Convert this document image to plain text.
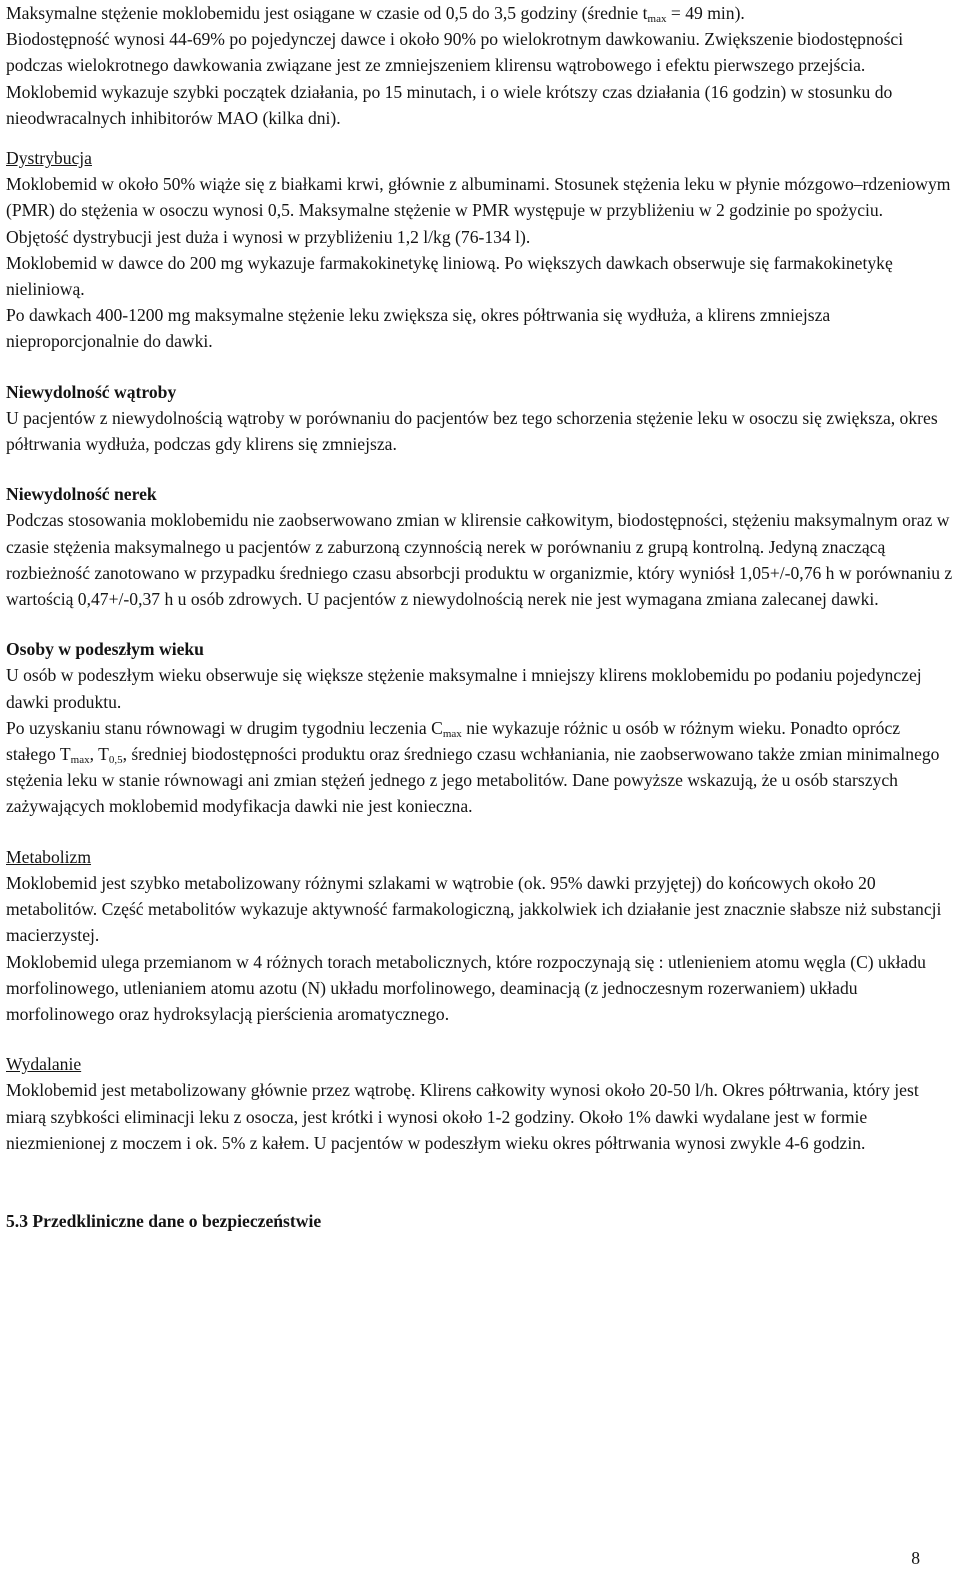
Maksymalne stężenie moklobemidu jest osiągane w czasie od 0,5 do 3,5 godziny (średnie $t_{max} = 49$ min).

Biodostępność wynosi 44-69% po pojedynczej dawce i około 90% po wielokrotnym dawkowaniu. Zwiększenie biodostępności podczas wielokrotnego dawkowania związane jest ze zmniejszeniem klirensu wątrobowego i efektu pierwszego przejścia.

Moklobemid wykazuje szybki początek działania, po 15 minutach, i o wiele krótszy czas działania (16 godzin) w stosunku do nieodwracalnych inhibitorów MAO (kilka dni).

Dystrybucja

Moklobemid w około 50% wiąże się z białkami krwi, głównie z albuminami. Stosunek stężenia leku w płynie mózgowo–rdzeniowym (PMR) do stężenia w osoczu wynosi 0,5. Maksymalne stężenie w PMR występuje w przybliżeniu w 2 godzinie po spożyciu.

Objętość dystrybucji jest duża i wynosi w przybliżeniu 1,2 l/kg (76-134 l).

Moklobemid w dawce do 200 mg wykazuje farmakokinetykę liniową. Po większych dawkach obserwuje się farmakokinetykę nieliniową.

Po dawkach 400-1200 mg maksymalne stężenie leku zwiększa się, okres półtrwania się wydłuża, a klirens zmniejsza nieproporcjonalnie do dawki.

Niewydolność wątroby

U pacjentów z niewydolnością wątroby w porównaniu do pacjentów bez tego schorzenia stężenie leku w osoczu się zwiększa, okres półtrwania wydłuża, podczas gdy klirens się zmniejsza.

Niewydolność nerek

Podczas stosowania moklobemidu nie zaobserwowano zmian w klirensie całkowitym, biodostępności, stężeniu maksymalnym oraz w czasie stężenia maksymalnego u pacjentów z zaburzoną czynnością nerek w porównaniu z grupą kontrolną. Jedyną znaczącą rozbieżność zanotowano w przypadku średniego czasu absorbcji produktu w organizmie, który wyniósł 1,05+/-0,76 h w porównaniu z wartością 0,47+/-0,37 h u osób zdrowych. U pacjentów z niewydolnością nerek nie jest wymagana zmiana zalecanej dawki.

Osoby w podeszłym wieku

U osób w podeszłym wieku obserwuje się większe stężenie maksymalne i mniejszy klirens moklobemidu po podaniu pojedynczej dawki produktu.

Po uzyskaniu stanu równowagi w drugim tygodniu leczenia $C_{max}$ nie wykazuje różnic u osób w różnym wieku. Ponadto oprócz stałego $T_{max}$, $T_{0,5}$, średniej biodostępności produktu oraz średniego czasu wchłaniania, nie zaobserwowano także zmian minimalnego stężenia leku w stanie równowagi ani zmian stężeń jednego z jego metabolitów. Dane powyższe wskazują, że u osób starszych zażywających moklobemid modyfikacja dawki nie jest konieczna.

Metabolizm

Moklobemid jest szybko metabolizowany różnymi szlakami w wątrobie (ok. 95% dawki przyjętej) do końcowych około 20 metabolitów. Część metabolitów wykazuje aktywność farmakologiczną, jakkolwiek ich działanie jest znacznie słabsze niż substancji macierzystej.

Moklobemid ulega przemianom w 4 różnych torach metabolicznych, które rozpoczynają się : utlenieniem atomu węgla (C) układu morfolinowego, utlenianiem atomu azotu (N) układu morfolinowego, deaminacją (z jednoczesnym rozerwaniem) układu morfolinowego oraz hydroksylacją pierścienia aromatycznego.

Wydalanie

Moklobemid jest metabolizowany głównie przez wątrobę. Klirens całkowity wynosi około 20-50 l/h. Okres półtrwania, który jest miarą szybkości eliminacji leku z osocza, jest krótki i wynosi około 1-2 godziny. Około 1% dawki wydalane jest w formie niezmienionej z moczem i ok. 5% z kałem. U pacjentów w podeszłym wieku okres półtrwania wynosi zwykle 4-6 godzin.

5.3 Przedkliniczne dane o bezpieczeństwie

8
